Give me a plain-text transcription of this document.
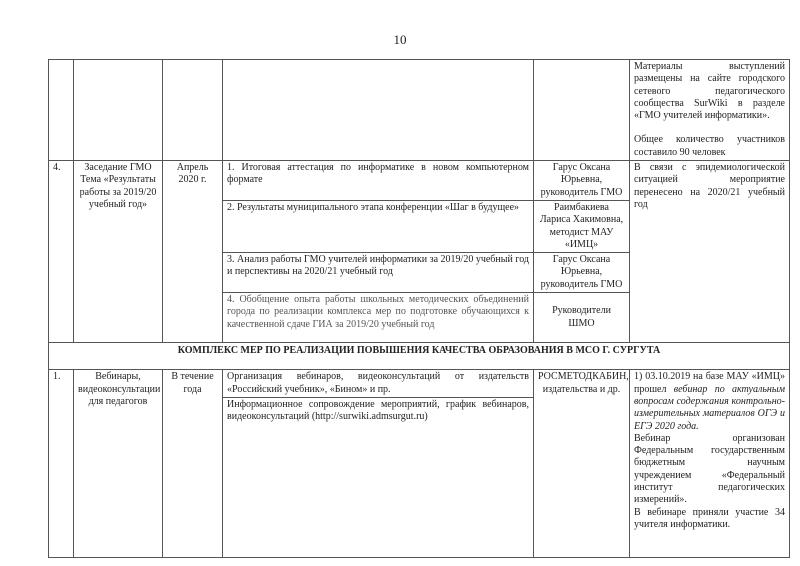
10

					Материалы выступлений размещены на сайте городского сетевого педагогического сообщества SurWiki в разделе «ГМО учителей информатики».
Общее количество участников составило 90 человек

4.	Заседание ГМО Тема «Результаты работы за 2019/20 учебный год»	Апрель 2020 г.	1. Итоговая аттестация по информатике в новом компьютерном формате	Гарус Оксана Юрьевна, руководитель ГМО	В связи с эпидемиологической ситуацией мероприятие перенесено на 2020/21 учебный год
			2. Результаты муниципального этапа конференции «Шаг в будущее»	Раимбакиева Лариса Хакимовна, методист МАУ «ИМЦ»	
			3. Анализ работы ГМО учителей информатики за 2019/20 учебный год и перспективы на 2020/21 учебный год	Гарус Оксана Юрьевна, руководитель ГМО	
			4. Обобщение опыта работы школьных методических объединений города по реализации комплекса мер по подготовке обучающихся к качественной сдаче ГИА за 2019/20 учебный год	Руководители ШМО	
КОМПЛЕКС МЕР ПО РЕАЛИЗАЦИИ ПОВЫШЕНИЯ КАЧЕСТВА ОБРАЗОВАНИЯ В МСО Г. СУРГУТА					
1.	Вебинары, видеоконсультации для педагогов	В течение года	Организация вебинаров, видеоконсультаций от издательств «Российский учебник», «Бином» и пр.	РОСМЕТОДКАБИН, издательства и др.	1) 03.10.2019 на базе МАУ «ИМЦ» прошел вебинар по актуальным вопросам содержания контрольно-измерительных материалов ОГЭ и ЕГЭ 2020 года.
Вебинар организован Федеральным государственным бюджетным научным учреждением «Федеральный институт педагогических измерений».
В вебинаре приняли участие 34 учителя информатики.

			Информационное сопровождение мероприятий, график вебинаров, видеоконсультаций (http://surwiki.admsurgut.ru)		
